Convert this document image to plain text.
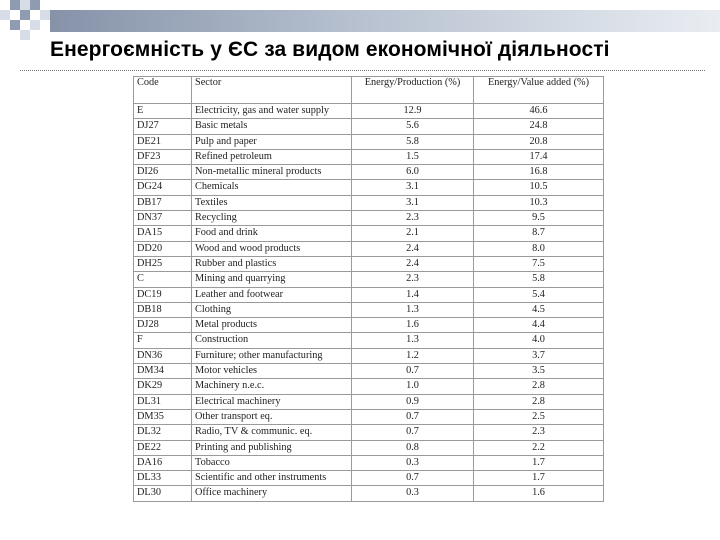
Енергоємність у ЄС за видом економічної діяльності
Code	Sector	Energy/Production (%)	Energy/Value added (%)
E	Electricity, gas and water supply	12.9	46.6
DJ27	Basic metals	5.6	24.8
DE21	Pulp and paper	5.8	20.8
DF23	Refined petroleum	1.5	17.4
DI26	Non-metallic mineral products	6.0	16.8
DG24	Chemicals	3.1	10.5
DB17	Textiles	3.1	10.3
DN37	Recycling	2.3	9.5
DA15	Food and drink	2.1	8.7
DD20	Wood and wood products	2.4	8.0
DH25	Rubber and plastics	2.4	7.5
C	Mining and quarrying	2.3	5.8
DC19	Leather and footwear	1.4	5.4
DB18	Clothing	1.3	4.5
DJ28	Metal products	1.6	4.4
F	Construction	1.3	4.0
DN36	Furniture; other manufacturing	1.2	3.7
DM34	Motor vehicles	0.7	3.5
DK29	Machinery n.e.c.	1.0	2.8
DL31	Electrical machinery	0.9	2.8
DM35	Other transport eq.	0.7	2.5
DL32	Radio, TV & communic. eq.	0.7	2.3
DE22	Printing and publishing	0.8	2.2
DA16	Tobacco	0.3	1.7
DL33	Scientific and other instruments	0.7	1.7
DL30	Office machinery	0.3	1.6
